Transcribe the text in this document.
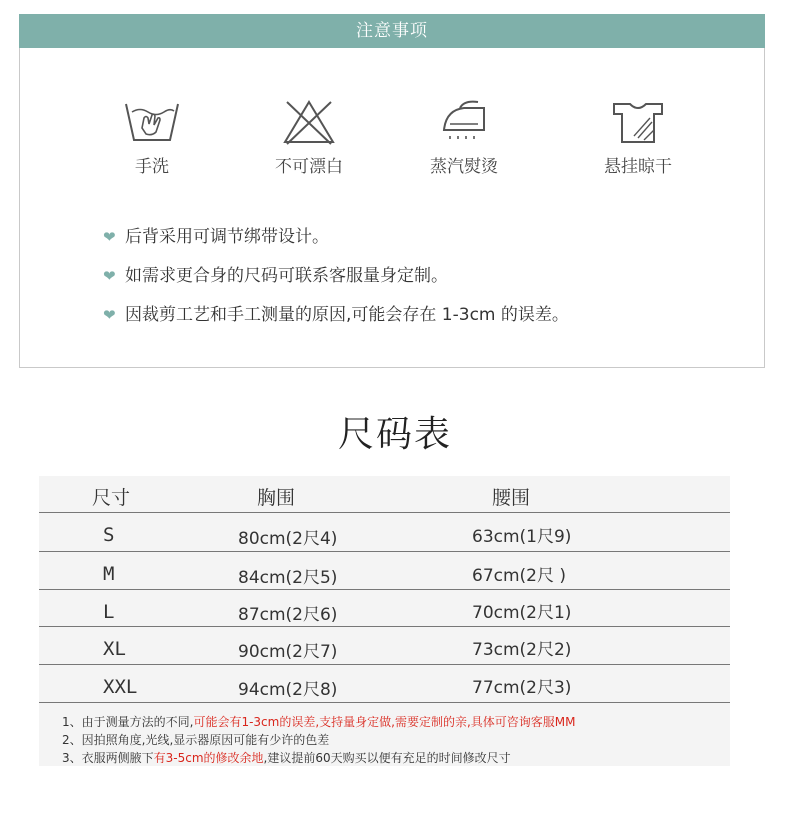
注意事项
手洗	不可漂白	蒸汽熨烫	悬挂晾干
❤ 后背采用可调节绑带设计。
❤ 如需求更合身的尺码可联系客服量身定制。
❤ 因裁剪工艺和手工测量的原因,可能会存在 1-3cm 的误差。
尺码表
尺寸	胸围	腰围
S	80cm(2尺4)	63cm(1尺9)
M	84cm(2尺5)	67cm(2尺 )
L	87cm(2尺6)	70cm(2尺1)
XL	90cm(2尺7)	73cm(2尺2)
XXL	94cm(2尺8)	77cm(2尺3)
1、由于测量方法的不同,可能会有1-3cm的误差,支持量身定做,需要定制的亲,具体可咨询客服MM
2、因拍照角度,光线,显示器原因可能有少许的色差
3、衣服两侧腋下有3-5cm的修改余地,建议提前60天购买以便有充足的时间修改尺寸
